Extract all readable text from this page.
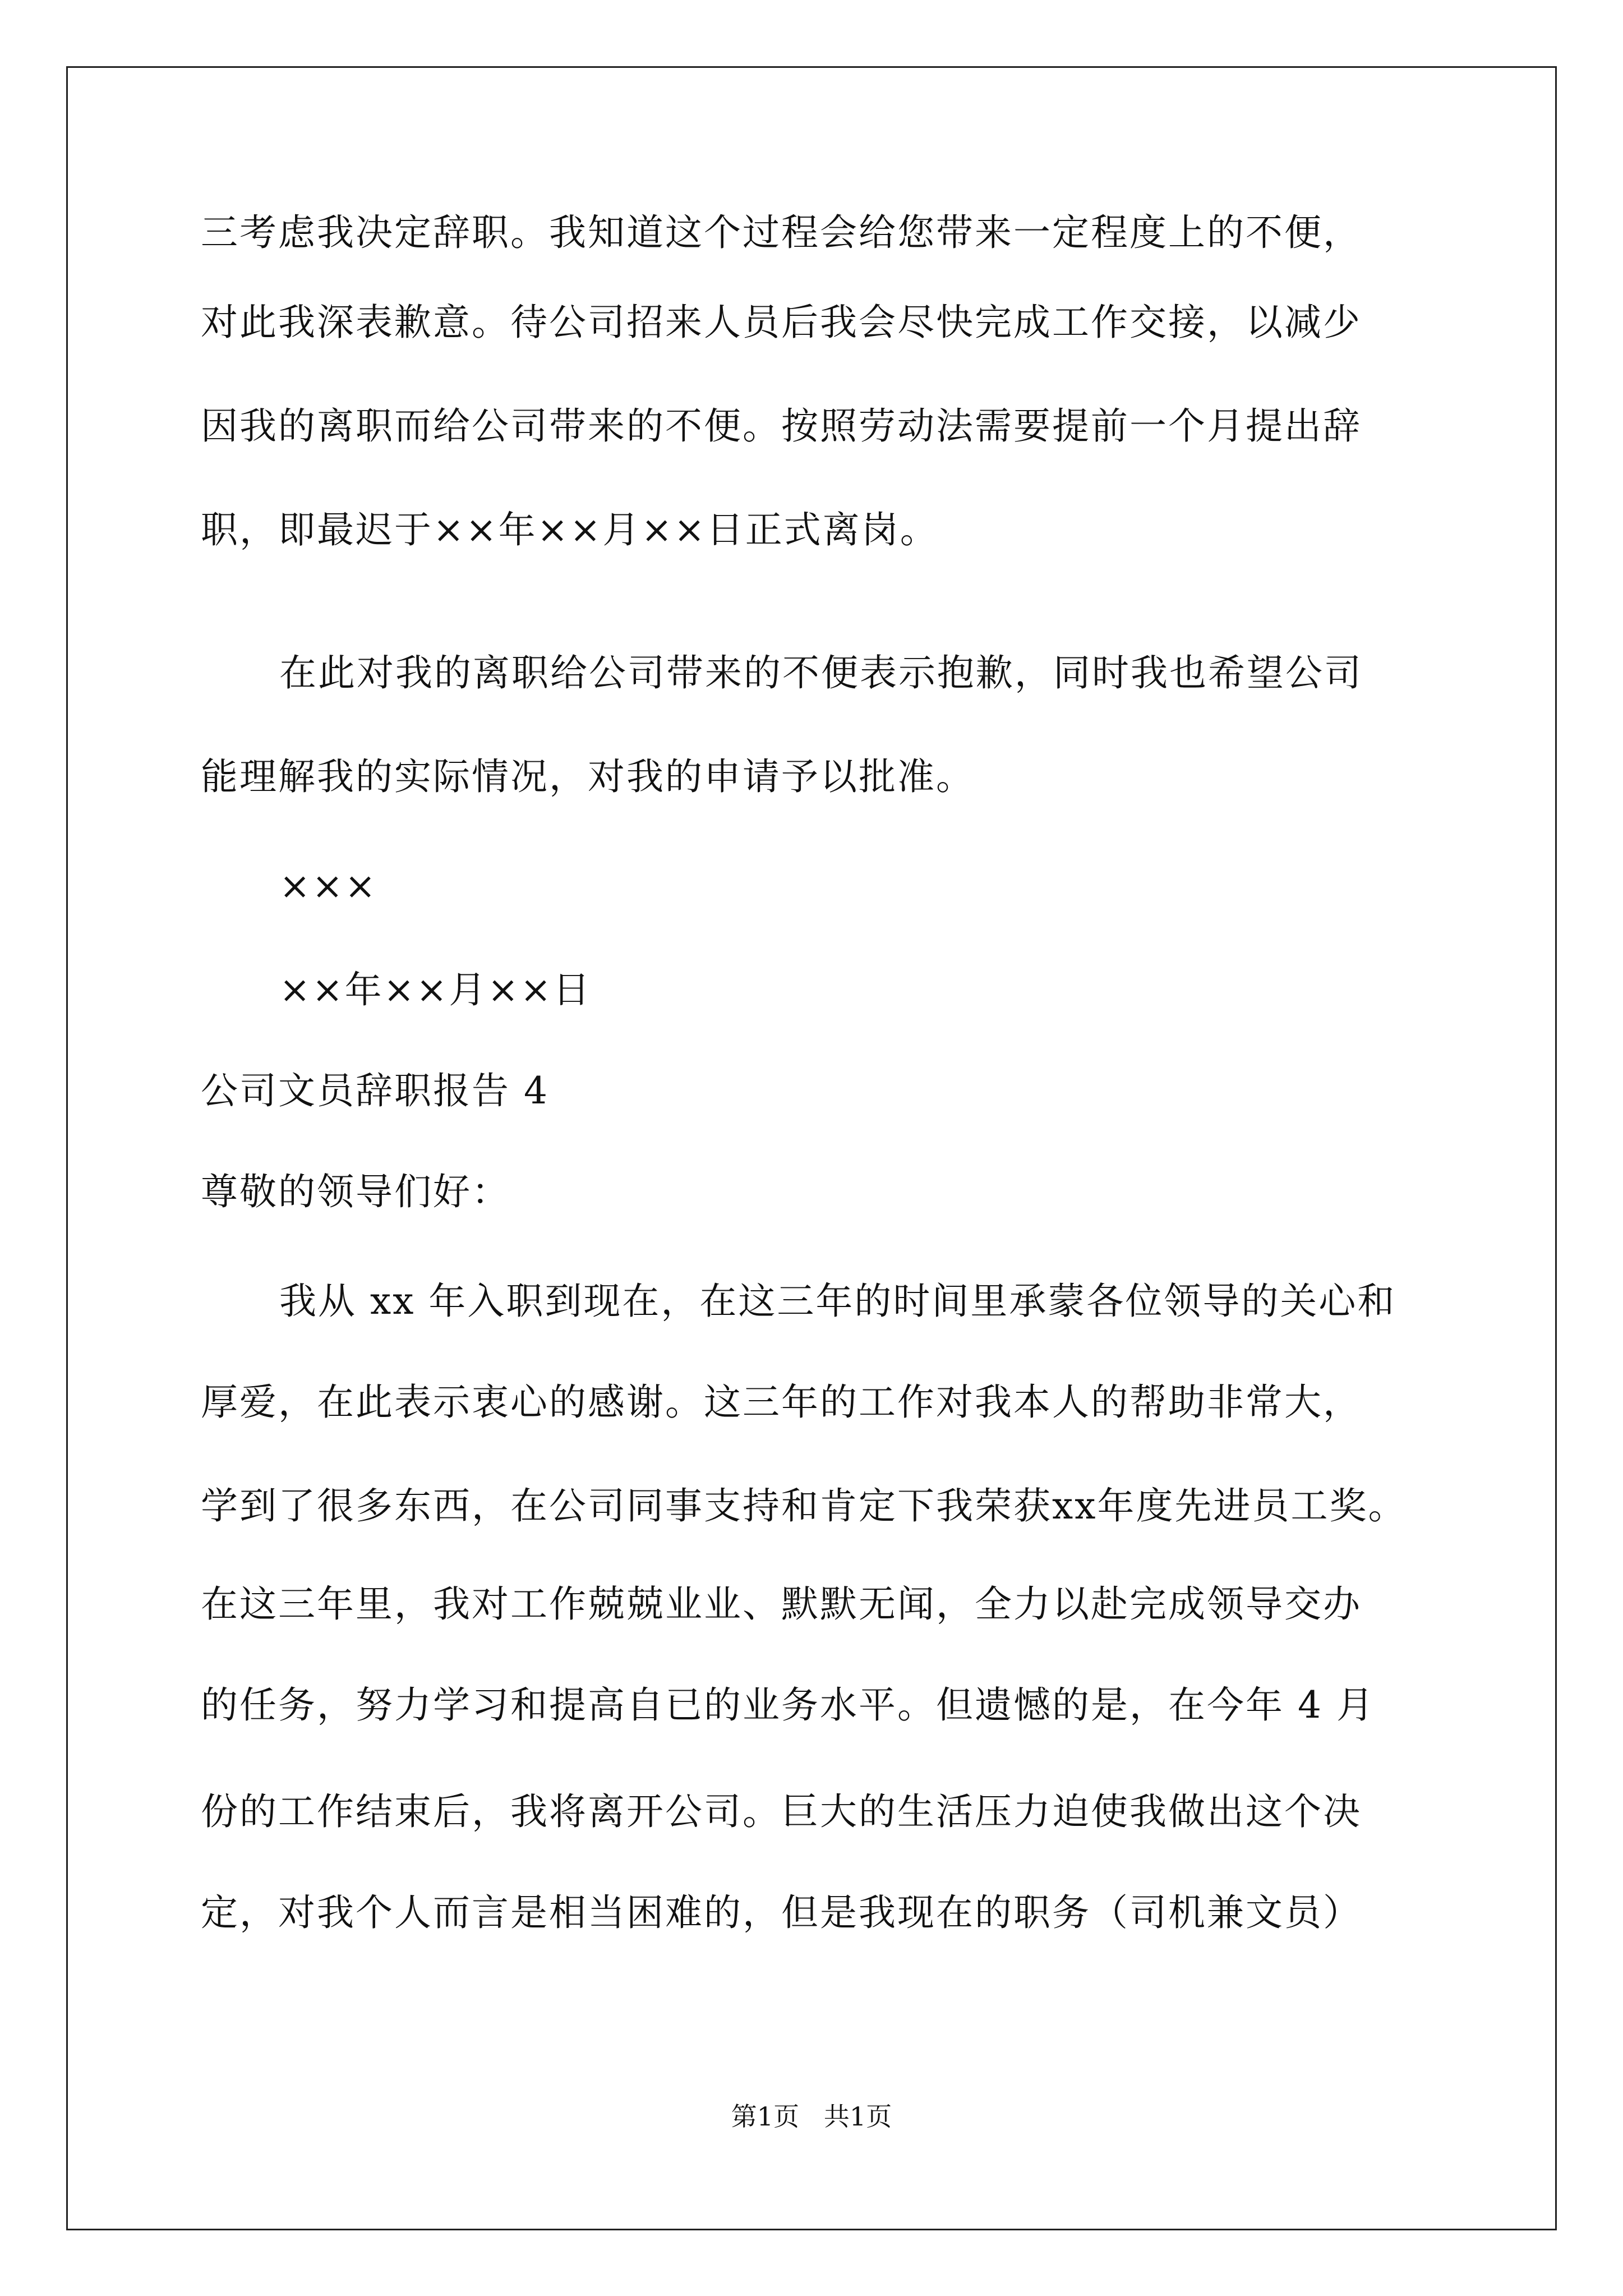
三考虑我决定辞职。我知道这个过程会给您带来一定程度上的不便，
对此我深表歉意。待公司招来人员后我会尽快完成工作交接，以减少
因我的离职而给公司带来的不便。按照劳动法需要提前一个月提出辞
职，即最迟于××年××月××日正式离岗。
在此对我的离职给公司带来的不便表示抱歉，同时我也希望公司
能理解我的实际情况，对我的申请予以批准。
×××
××年××月××日
公司文员辞职报告 4
尊敬的领导们好：
我从 xx 年入职到现在，在这三年的时间里承蒙各位领导的关心和
厚爱，在此表示衷心的感谢。这三年的工作对我本人的帮助非常大，
学到了很多东西，在公司同事支持和肯定下我荣获xx年度先进员工奖。
在这三年里，我对工作兢兢业业、默默无闻，全力以赴完成领导交办
的任务，努力学习和提高自已的业务水平。但遗憾的是，在今年 4 月
份的工作结束后，我将离开公司。巨大的生活压力迫使我做出这个决
定，对我个人而言是相当困难的，但是我现在的职务（司机兼文员）
第1页   共1页
